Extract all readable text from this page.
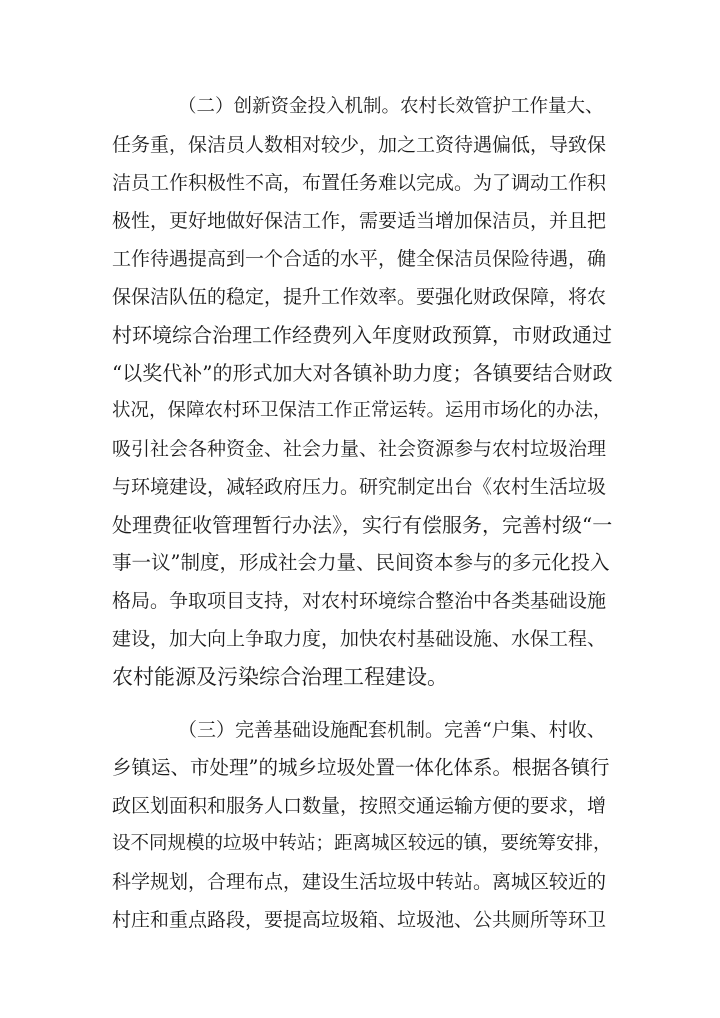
（二）创新资金投入机制。农村长效管护工作量大、
任务重，保洁员人数相对较少，加之工资待遇偏低，导致保
洁员工作积极性不高，布置任务难以完成。为了调动工作积
极性，更好地做好保洁工作，需要适当增加保洁员，并且把
工作待遇提高到一个合适的水平，健全保洁员保险待遇，确
保保洁队伍的稳定，提升工作效率。要强化财政保障，将农
村环境综合治理工作经费列入年度财政预算，市财政通过
“以奖代补”的形式加大对各镇补助力度；各镇要结合财政
状况，保障农村环卫保洁工作正常运转。运用市场化的办法，
吸引社会各种资金、社会力量、社会资源参与农村垃圾治理
与环境建设，减轻政府压力。研究制定出台《农村生活垃圾
处理费征收管理暂行办法》，实行有偿服务，完善村级“一
事一议”制度，形成社会力量、民间资本参与的多元化投入
格局。争取项目支持，对农村环境综合整治中各类基础设施
建设，加大向上争取力度，加快农村基础设施、水保工程、
农村能源及污染综合治理工程建设。
（三）完善基础设施配套机制。完善“户集、村收、
乡镇运、市处理”的城乡垃圾处置一体化体系。根据各镇行
政区划面积和服务人口数量，按照交通运输方便的要求，增
设不同规模的垃圾中转站；距离城区较远的镇，要统筹安排，
科学规划，合理布点，建设生活垃圾中转站。离城区较近的
村庄和重点路段，要提高垃圾箱、垃圾池、公共厕所等环卫
